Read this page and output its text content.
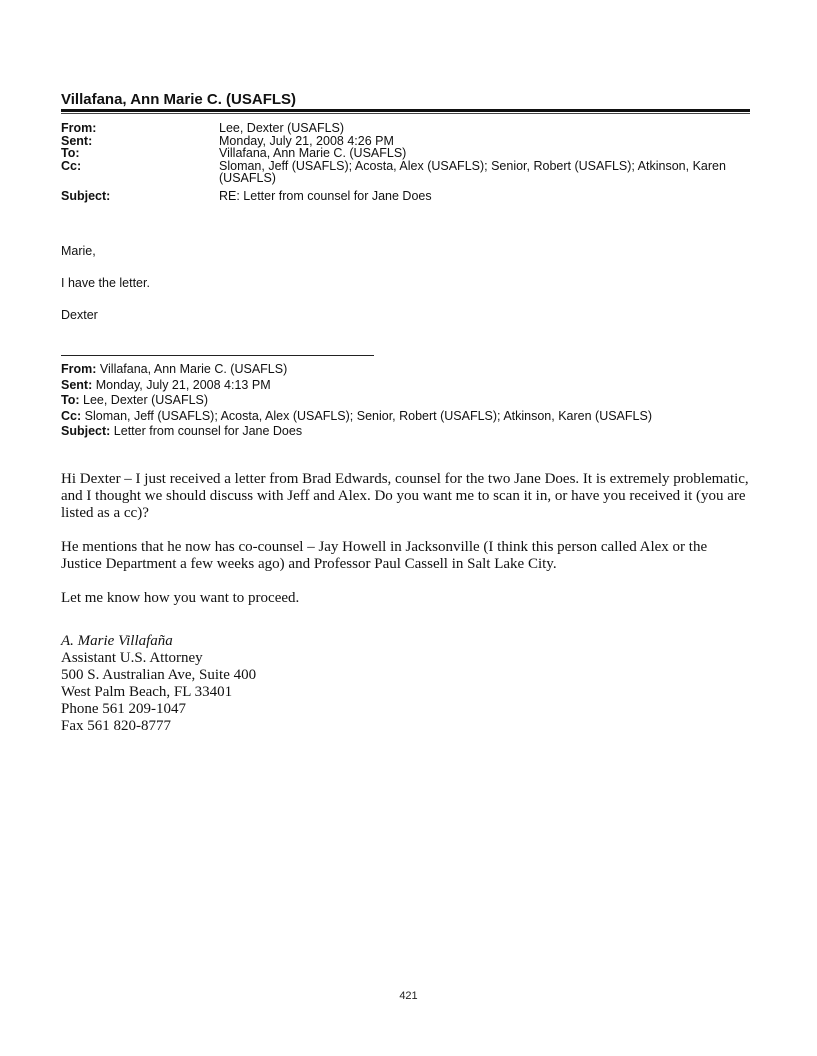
Villafana, Ann Marie C. (USAFLS)
From:	Lee, Dexter (USAFLS)
Sent:	Monday, July 21, 2008 4:26 PM
To:	Villafana, Ann Marie C. (USAFLS)
Cc:	Sloman, Jeff (USAFLS); Acosta, Alex (USAFLS); Senior, Robert (USAFLS); Atkinson, Karen (USAFLS)
Subject:	RE: Letter from counsel for Jane Does

Marie,

I have the letter.

Dexter

From: Villafana, Ann Marie C. (USAFLS)
Sent: Monday, July 21, 2008 4:13 PM
To: Lee, Dexter (USAFLS)
Cc: Sloman, Jeff (USAFLS); Acosta, Alex (USAFLS); Senior, Robert (USAFLS); Atkinson, Karen (USAFLS)
Subject: Letter from counsel for Jane Does

Hi Dexter – I just received a letter from Brad Edwards, counsel for the two Jane Does. It is extremely problematic, and I thought we should discuss with Jeff and Alex. Do you want me to scan it in, or have you received it (you are listed as a cc)?

He mentions that he now has co-counsel – Jay Howell in Jacksonville (I think this person called Alex or the Justice Department a few weeks ago) and Professor Paul Cassell in Salt Lake City.

Let me know how you want to proceed.

A. Marie Villafaña
Assistant U.S. Attorney
500 S. Australian Ave, Suite 400
West Palm Beach, FL 33401
Phone 561 209-1047
Fax 561 820-8777
421
